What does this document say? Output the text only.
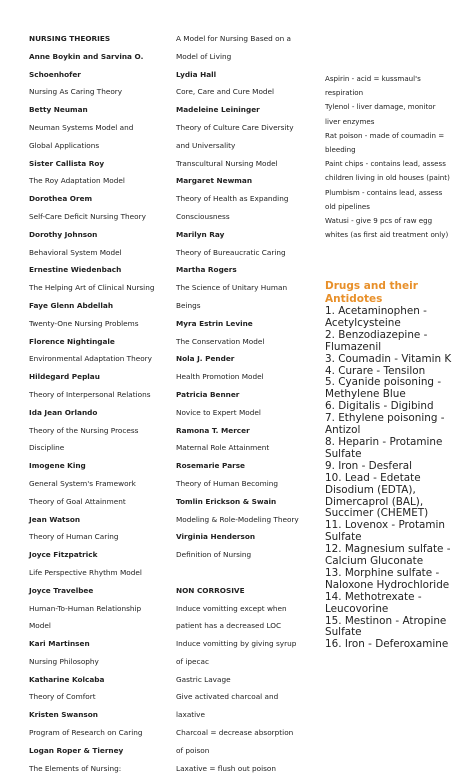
NURSING THEORIES
Anne Boykin and Sarvina O.
Schoenhofer
Nursing As Caring Theory
Betty Neuman
Neuman Systems Model and
Global Applications
Sister Callista Roy
The Roy Adaptation Model
Dorothea Orem
Self-Care Deficit Nursing Theory
Dorothy Johnson
Behavioral System Model
Ernestine Wiedenbach
The Helping Art of Clinical Nursing
Faye Glenn Abdellah
Twenty-One Nursing Problems
Florence Nightingale
Environmental Adaptation Theory
Hildegard Peplau
Theory of Interpersonal Relations
Ida Jean Orlando
Theory of the Nursing Process
Discipline
Imogene King
General System's Framework
Theory of Goal Attainment
Jean Watson
Theory of Human Caring
Joyce Fitzpatrick
Life Perspective Rhythm Model
Joyce Travelbee
Human-To-Human Relationship
Model
Kari Martinsen
Nursing Philosophy
Katharine Kolcaba
Theory of Comfort
Kristen Swanson
Program of Research on Caring
Logan Roper & Tierney
The Elements of Nursing:
A Model for Nursing Based on a
Model of Living
Lydia Hall
Core, Care and Cure Model
Madeleine Leininger
Theory of Culture Care Diversity
and Universality
Transcultural Nursing Model
Margaret Newman
Theory of Health as Expanding
Consciousness
Marilyn Ray
Theory of Bureaucratic Caring
Martha Rogers
The Science of Unitary Human
Beings
Myra Estrin Levine
The Conservation Model
Nola J. Pender
Health Promotion Model
Patricia Benner
Novice to Expert Model
Ramona T. Mercer
Maternal Role Attainment
Rosemarie Parse
Theory of Human Becoming
Tomlin Erickson & Swain
Modeling & Role-Modeling Theory
Virginia Henderson
Definition of Nursing
NON CORROSIVE
Induce vomitting except when
patient has a decreased LOC
Induce vomitting by giving syrup
of ipecac
Gastric Lavage
Give activated charcoal and
laxative
Charcoal = decrease absorption
of poison
Laxative = flush out poison
Aspirin - acid = kussmaul's
respiration
Tylenol - liver damage, monitor
liver enzymes
Rat poison - made of coumadin =
bleeding
Paint chips - contains lead, assess
children living in old houses (paint)
Plumbism - contains lead, assess
old pipelines
Watusi - give 9 pcs of raw egg
whites (as first aid treatment only)
Drugs and their
Antidotes
1. Acetaminophen -
Acetylcysteine
2. Benzodiazepine -
Flumazenil
3. Coumadin - Vitamin K
4. Curare - Tensilon
5. Cyanide poisoning -
Methylene Blue
6. Digitalis - Digibind
7. Ethylene poisoning -
Antizol
8. Heparin - Protamine
Sulfate
9. Iron - Desferal
10. Lead - Edetate
Disodium (EDTA),
Dimercaprol (BAL),
Succimer (CHEMET)
11. Lovenox - Protamin
Sulfate
12. Magnesium sulfate -
Calcium Gluconate
13. Morphine sulfate -
Naloxone Hydrochloride
14. Methotrexate -
Leucovorine
15. Mestinon - Atropine
Sulfate
16. Iron - Deferoxamine
